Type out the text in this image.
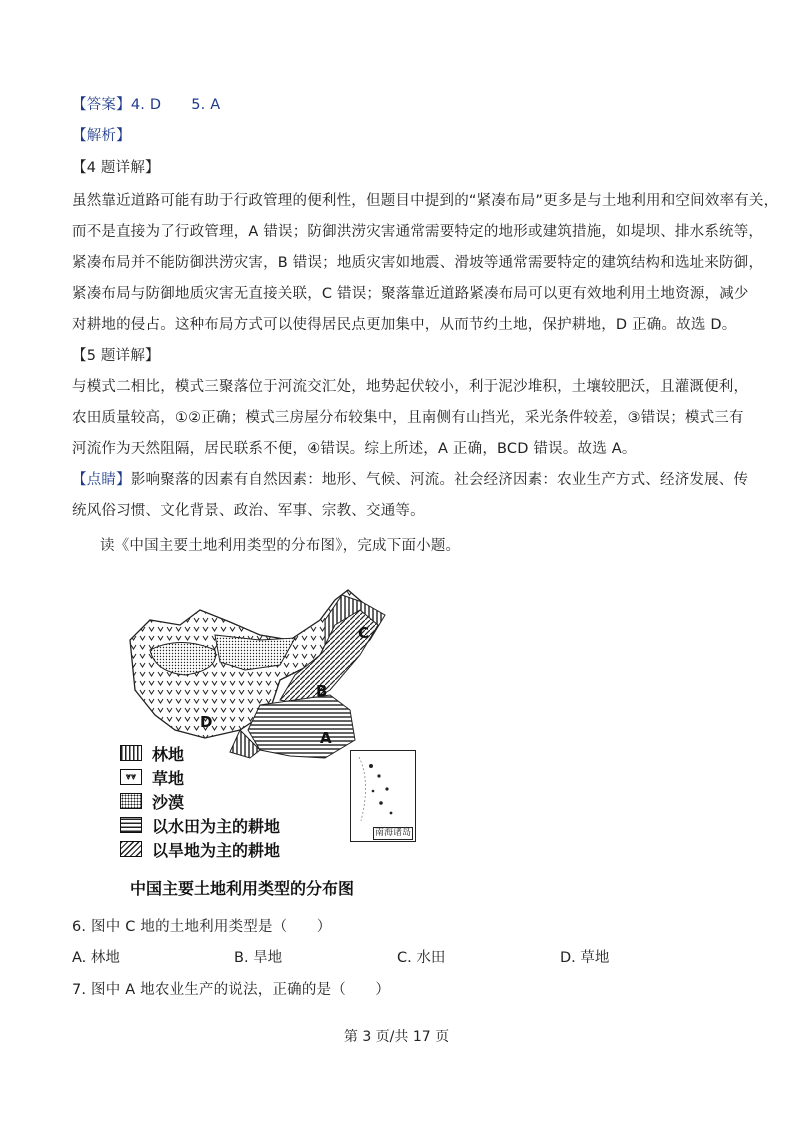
【答案】4. D 5. A
【解析】
【4 题详解】
虽然靠近道路可能有助于行政管理的便利性，但题目中提到的“紧凑布局”更多是与土地利用和空间效率有关，
而不是直接为了行政管理，A 错误；防御洪涝灾害通常需要特定的地形或建筑措施，如堤坝、排水系统等，
紧凑布局并不能防御洪涝灾害，B 错误；地质灾害如地震、滑坡等通常需要特定的建筑结构和选址来防御，
紧凑布局与防御地质灾害无直接关联，C 错误；聚落靠近道路紧凑布局可以更有效地利用土地资源，减少
对耕地的侵占。这种布局方式可以使得居民点更加集中，从而节约土地，保护耕地，D 正确。故选 D。
【5 题详解】
与模式二相比，模式三聚落位于河流交汇处，地势起伏较小，利于泥沙堆积，土壤较肥沃，且灌溉便利，
农田质量较高，①②正确；模式三房屋分布较集中，且南侧有山挡光，采光条件较差，③错误；模式三有
河流作为天然阻隔，居民联系不便，④错误。综上所述，A 正确，BCD 错误。故选 A。
【点睛】影响聚落的因素有自然因素：地形、气候、河流。社会经济因素：农业生产方式、经济发展、传
统风俗习惯、文化背景、政治、军事、宗教、交通等。
读《中国主要土地利用类型的分布图》，完成下面小题。
C
B
A
D
南海诸岛
林地
⩔⩔ 草地
沙漠
以水田为主的耕地
以旱地为主的耕地
中国主要土地利用类型的分布图
6. 图中 C 地的土地利用类型是（　　）
A. 林地	B. 旱地	C. 水田	D. 草地
7. 图中 A 地农业生产的说法，正确的是（　　）
第 3 页/共 17 页
